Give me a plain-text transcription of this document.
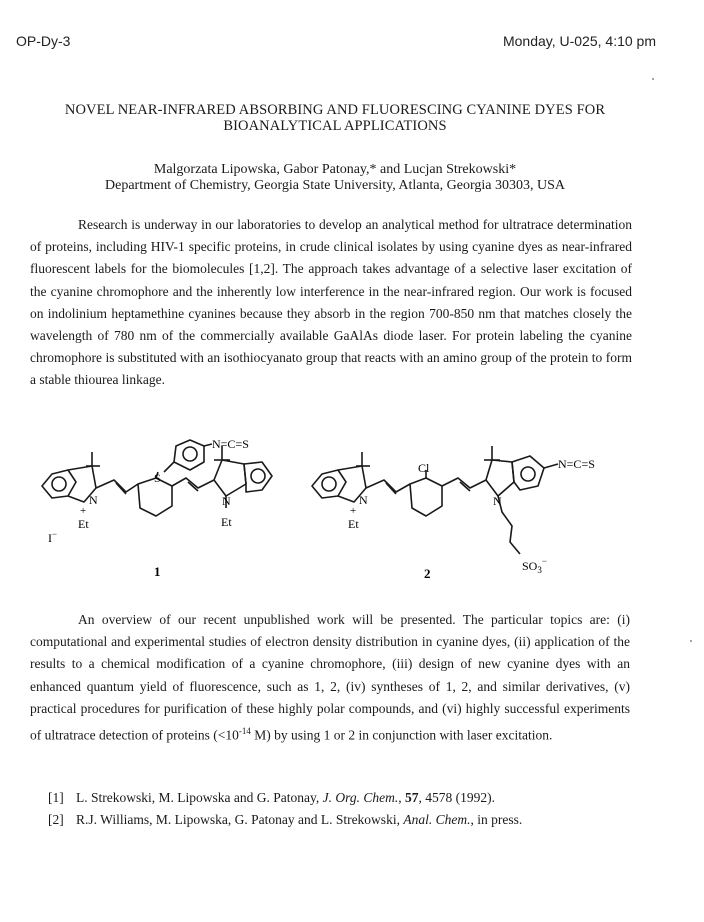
OP-Dy-3	Monday, U-025, 4:10 pm
NOVEL NEAR-INFRARED ABSORBING AND FLUORESCING CYANINE DYES FOR
BIOANALYTICAL APPLICATIONS
Malgorzata Lipowska, Gabor Patonay,* and Lucjan Strekowski*
Department of Chemistry, Georgia State University, Atlanta, Georgia 30303, USA
Research is underway in our laboratories to develop an analytical method for ultratrace determination of proteins, including HIV-1 specific proteins, in crude clinical isolates by using cyanine dyes as near-infrared fluorescent labels for the biomolecules [1,2]. The approach takes advantage of a selective laser excitation of the cyanine chromophore and the inherently low interference in the near-infrared region. Our work is focused on indolinium heptamethine cyanines because they absorb in the region 700-850 nm that matches closely the wavelength of 780 nm of the commercially available GaAlAs diode laser. For protein labeling the cyanine chromophore is substituted with an isothiocyanato group that reacts with an amino group of the protein to form a stable thiourea linkage.
N=C=S
S
N
+
Et
N
Et
I−
1
N=C=S
Cl
N
+
Et
N
$SO_3^-$
2
An overview of our recent unpublished work will be presented. The particular topics are: (i) computational and experimental studies of electron density distribution in cyanine dyes, (ii) application of the results to a chemical modification of a cyanine chromophore, (iii) design of new cyanine dyes with an enhanced quantum yield of fluorescence, such as 1, 2, (iv) syntheses of 1, 2, and similar derivatives, (v) practical procedures for purification of these highly polar compounds, and (vi) highly successful experiments of ultratrace detection of proteins ($<10^{-14}$ M) by using 1 or 2 in conjunction with laser excitation.
[1] L. Strekowski, M. Lipowska and G. Patonay, J. Org. Chem., 57, 4578 (1992).
[2] R.J. Williams, M. Lipowska, G. Patonay and L. Strekowski, Anal. Chem., in press.
